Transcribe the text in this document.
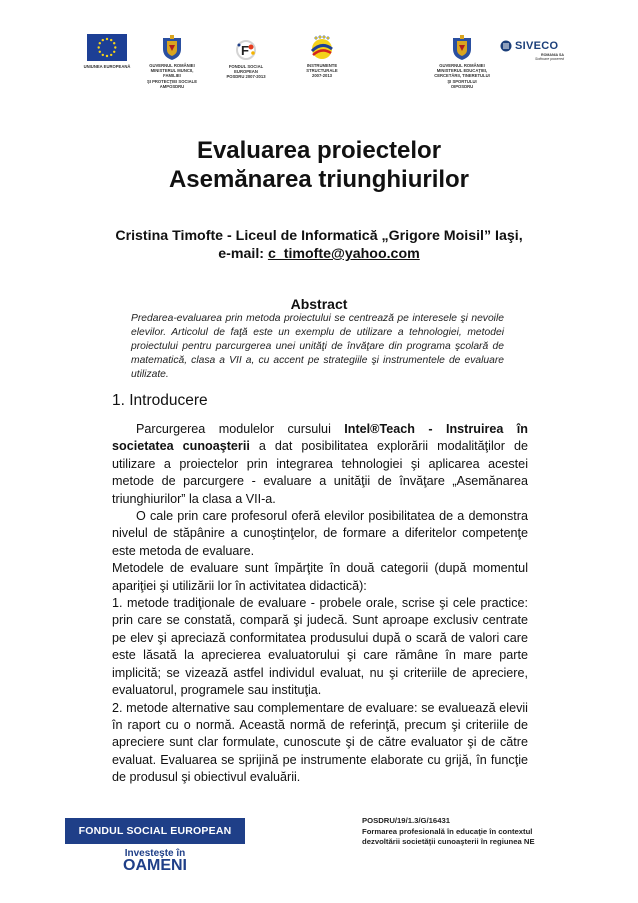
UNIUNEA EUROPEANĂ	GUVERNUL ROMÂNIEI
MINISTERUL MUNCII, FAMILIEI
ŞI PROTECŢIEI SOCIALE
AMPOSDRU
F
FONDUL SOCIAL EUROPEAN
POSDRU 2007-2013
INSTRUMENTE STRUCTURALE
2007-2013
GUVERNUL ROMÂNIEI
MINISTERUL EDUCAŢIEI,
CERCETĂRII, TINERETULUI
ŞI SPORTULUI
OIPOSDRU
SIVECO
ROMANIA SA
Software powered
Evaluarea proiectelor
Asemănarea triunghiurilor
Cristina Timofte - Liceul de Informatică „Grigore Moisil” Iaşi,
e-mail: c_timofte@yahoo.com
Abstract
Predarea-evaluarea prin metoda proiectului se centrează pe interesele şi nevoile elevilor. Articolul de faţă este un exemplu de utilizare a tehnologiei, metodei proiectului pentru parcurgerea unei unităţi de învăţare din programa şcolară de matematică, clasa a VII a, cu accent pe strategiile şi instrumentele de evaluare utilizate.
1. Introducere

Parcurgerea modulelor cursului Intel®Teach - Instruirea în societatea cunoaşterii a dat posibilitatea explorării modalităţilor de utilizare a proiectelor prin integrarea tehnologiei şi aplicarea acestei metode de parcurgere - evaluare a unităţii de învăţare „Asemănarea triunghiurilor” la clasa a VII-a.

O cale prin care profesorul oferă elevilor posibilitatea de a demonstra nivelul de stăpânire a cunoştinţelor, de formare a diferitelor competenţe este metoda de evaluare.

Metodele de evaluare sunt împărţite în două categorii (după momentul apariţiei şi utilizării lor în activitatea didactică):

1. metode tradiţionale de evaluare - probele orale, scrise şi cele practice: prin care se constată, compară şi judecă. Sunt aproape exclusiv centrate pe elev şi apreciază conformitatea produsului după o scară de valori care este lăsată la aprecierea evaluatorului şi care rămâne în mare parte implicită; se vizează astfel individul evaluat, nu şi criteriile de apreciere, evaluatorul, programele sau instituţia.

2. metode alternative sau complementare de evaluare: se evaluează elevii în raport cu o normă. Această normă de referinţă, precum şi criteriile de apreciere sunt clar formulate, cunoscute şi de către evaluator şi de către evaluat. Evaluarea se sprijină pe instrumente elaborate cu grijă, în funcţie de produsul şi obiectivul evaluării.

FONDUL SOCIAL EUROPEAN
Investeşte în
OAMENI
POSDRU/19/1.3/G/16431
Formarea profesională în educaţie în contextul
dezvoltării societăţii cunoaşterii în regiunea NE
